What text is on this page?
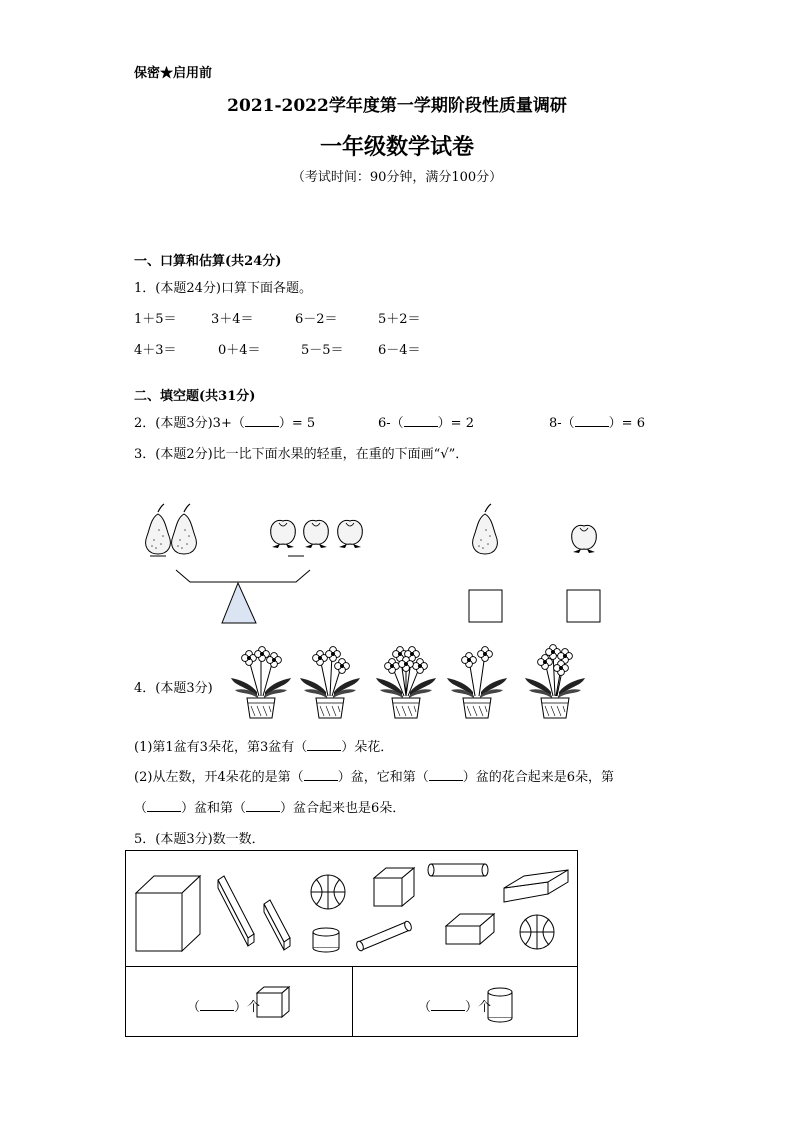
保密★启用前
2021-2022学年度第一学期阶段性质量调研
一年级数学试卷
（考试时间：90分钟，满分100分）
一、口算和估算(共24分)
1．(本题24分)口算下面各题。
1＋5＝	3＋4＝	6－2＝	5＋2＝
4＋3＝	0＋4＝	5－5＝	6－4＝
二、填空题(共31分)
2．(本题3分)3+（	）= 5	6-（	）= 2	8-（	）= 6
3．(本题2分)比一比下面水果的轻重，在重的下面画“√”．
4．(本题3分)
(1)第1盆有3朵花，第3盆有（	）朵花．
(2)从左数，开4朵花的是第（	）盆，它和第（	）盆的花合起来是6朵，第
（	）盆和第（	）盆合起来也是6朵．
5．(本题3分)数一数．
（	）个	（	）个
